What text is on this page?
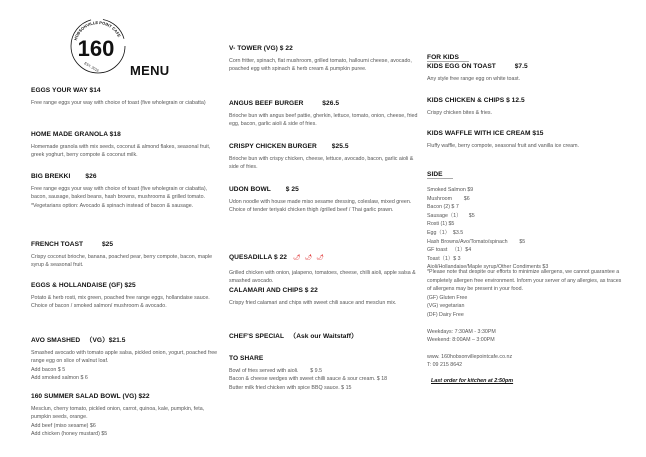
HOBSONVILLE POINT CAFE
160
EST. 2016 MENU
EGGS YOUR WAY $14
Free range eggs your way with choice of toast (five wholegrain or ciabatta)
HOME MADE GRANOLA $18
Homemade granola with mix seeds, coconut & almond flakes, seasonal fruit, greek yoghurt, berry compote & coconut milk.
BIG BREKKI        $26
Free range eggs your way with choice of toast (five wholegrain or ciabatta), bacon, sausage, baked beans, hash browns, mushrooms & grilled tomato.
*Vegetarians option: Avocado & spinach instead of bacon & sausage.
FRENCH TOAST          $25
Crispy coconut brioche, banana, poached pear, berry compote, bacon, maple syrup & seasonal fruit.
EGGS & HOLLANDAISE (GF) $25
Potato & herb rosti, mix green, poached free range eggs, hollandaise sauce.
Choice of bacon / smoked salmon/ mushroom & avocado.
AVO SMASHED   （VG）$21.5
Smashed avocado with tomato apple salsa, pickled onion, yogurt, poached free range egg on slice of walnut loaf.
Add bacon $ 5
Add smoked salmon $ 6
160 SUMMER SALAD BOWL (VG) $22
Mesclun, cherry tomato, pickled onion, carrot, quinoa, kale, pumpkin, feta, pumpkin seeds, orange.
Add beef (miso sesame) $6
Add chicken (honey mustard) $5
V- TOWER (VG) $ 22
Corn fritter, spinach, flat mushroom, grilled tomato, halloumi cheese, avocado, poached egg with spinach & herb cream & pumpkin puree.
ANGUS BEEF BURGER          $26.5
Brioche bun with angus beef pattie, gherkin, lettuce, tomato, onion, cheese, fried egg, bacon, garlic aioli & side of fries.
CRISPY CHICKEN BURGER        $25.5
Brioche bun with crispy chicken, cheese, lettuce, avocado, bacon, garlic aioli & side of fries.
UDON BOWL        $ 25
Udon noodle with house made miso sesame dressing, coleslaw, mixed green.
Choice of tender teriyaki chicken thigh /grilled beef / Thai garlic prawn.
QUESADILLA $ 22 🌶🌶🌶
Grilled chicken with onion, jalapeno, tomatoes, cheese, chilli aioli, apple salsa & smashed avocado.
CALAMARI AND CHIPS $ 22
Crispy fried calamari and chips with sweet chili sauce and mesclun mix.
CHEF'S SPECIAL   （Ask our Waitstaff）
TO SHARE
Bowl of fries served with aioli.        $ 9.5
Bacon & cheese wedges with sweet chilli sauce & sour cream. $ 18
Butter milk fried chicken with spice BBQ sauce. $ 15
FOR KIDS
KIDS EGG ON TOAST          $7.5
Any style free range egg on white toast.
KIDS CHICKEN & CHIPS $ 12.5
Crispy chicken bites & fries.
KIDS WAFFLE WITH ICE CREAM $15
Fluffy waffle, berry compote, seasonal fruit and vanilla ice cream.
SIDE
Smoked Salmon $9
Mushroom        $6
Bacon (2) $ 7
Sausage（1）     $5
Rosti (1) $5
Egg（1）  $3.5
Hash Browns/Avo/Tomato/spinach        $5
GF toast   （1）$4
Toast（1）$ 3
Aioli/Hollandaise/Maple syrup/Other Condiments $3
*Please note that despite our efforts to minimize allergens, we cannot guarantee a completely allergen free environment. Inform your server of any allergies, as traces of allergens may be present in your food.
(GF) Gluten Free
(VG) vegetarian
(DF) Dairy Free
Weekdays: 7:30AM - 3:30PM
Weekend: 8:00AM – 3:00PM
www. 160hobsonvillepointcafe.co.nz
T: 09 215 8642
Last order for kitchen at 2:50pm
